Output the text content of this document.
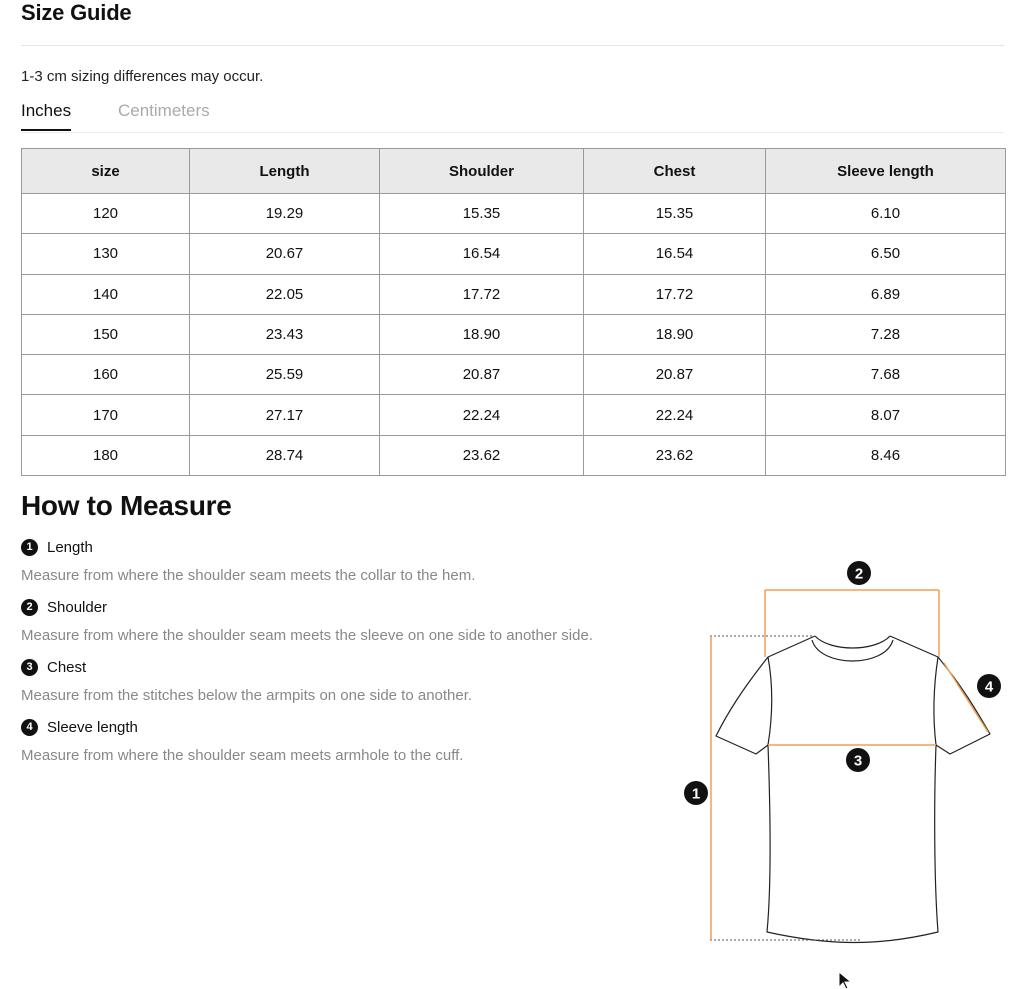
Size Guide
1-3 cm sizing differences may occur.
Inches	Centimeters
size	Length	Shoulder	Chest	Sleeve length
120	19.29	15.35	15.35	6.10
130	20.67	16.54	16.54	6.50
140	22.05	17.72	17.72	6.89
150	23.43	18.90	18.90	7.28
160	25.59	20.87	20.87	7.68
170	27.17	22.24	22.24	8.07
180	28.74	23.62	23.62	8.46
How to Measure
1 Length
Measure from where the shoulder seam meets the collar to the hem.
2 Shoulder
Measure from where the shoulder seam meets the sleeve on one side to another side.
3 Chest
Measure from the stitches below the armpits on one side to another.
4 Sleeve length
Measure from where the shoulder seam meets armhole to the cuff.
2
4
3
1
